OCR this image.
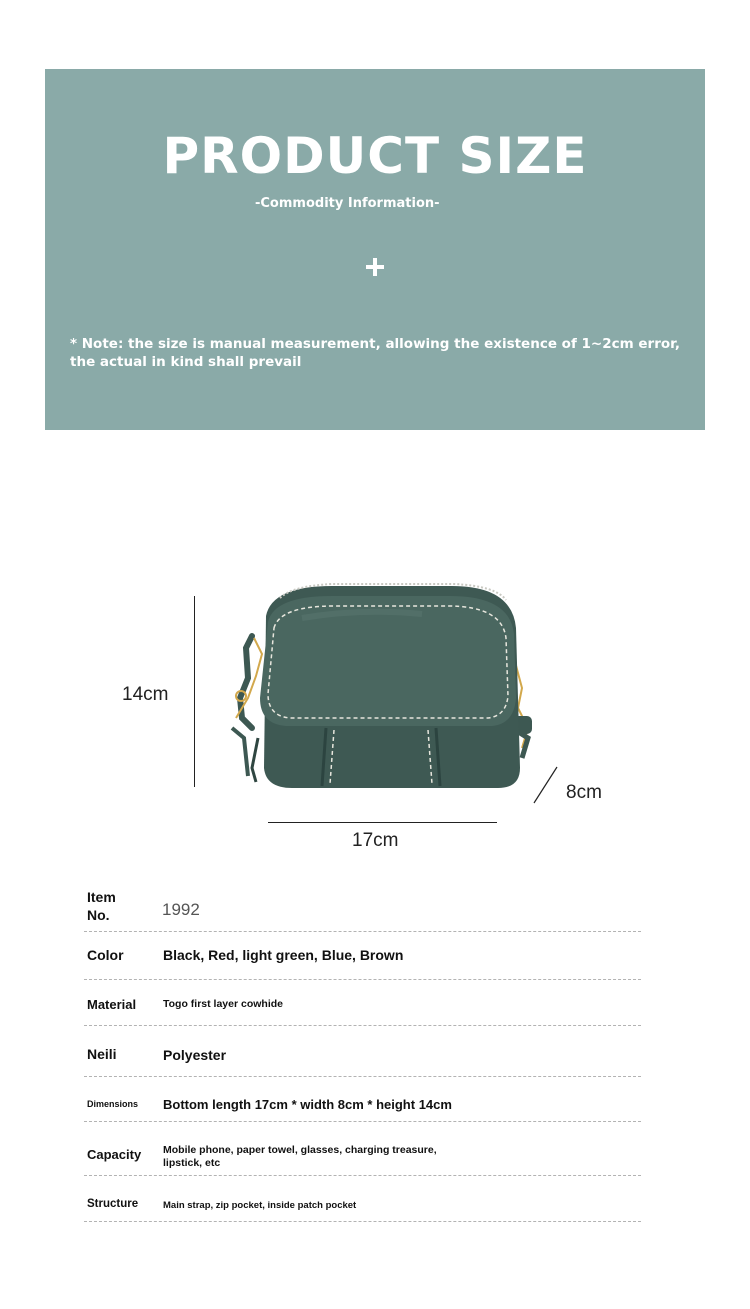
PRODUCT SIZE
-Commodity Information-
* Note: the size is manual measurement, allowing the existence of 1~2cm error, the actual in kind shall prevail
14cm
17cm
8cm
Item No.	1992
Color	Black, Red, light green, Blue, Brown
Material	Togo first layer cowhide
Neili	Polyester
Dimensions Bottom length 17cm * width 8cm * height 14cm
Capacity Mobile phone, paper towel, glasses, charging treasure, lipstick, etc
Structure	Main strap, zip pocket, inside patch pocket
